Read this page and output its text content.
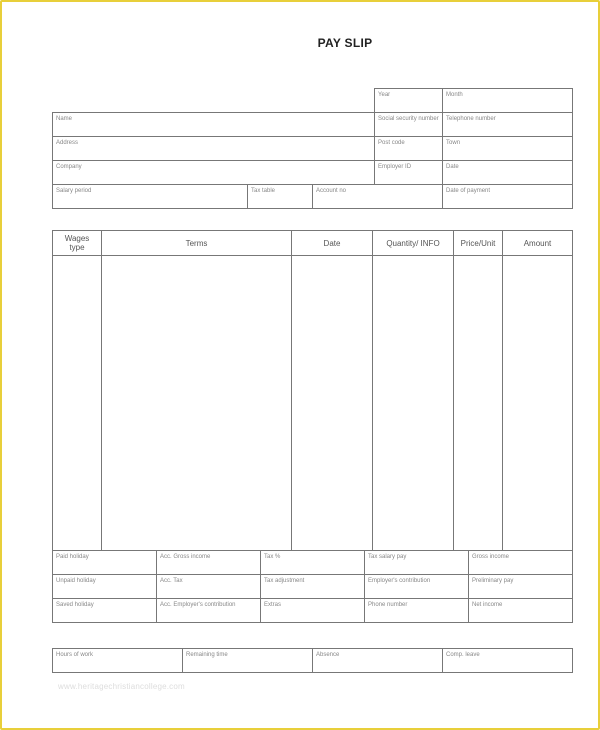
PAY SLIP

			Year	Month

Name			Social security number	Telephone number

Address			Post code	Town

Company			Employer ID	Date

Salary period	Tax table	Account no		Date of payment
Wages
type	Terms	Date	Quantity/ INFO	Price/Unit	Amount

Paid holiday	Acc. Gross income	Tax %	Tax salary pay	Gross income

Unpaid holiday	Acc. Tax	Tax adjustment	Employer's contribution	Preliminary pay

Saved holiday	Acc. Employer's contribution	Extras	Phone number	Net income
Hours of work	Remaining time	Absence	Comp. leave
www.heritagechristiancollege.com
